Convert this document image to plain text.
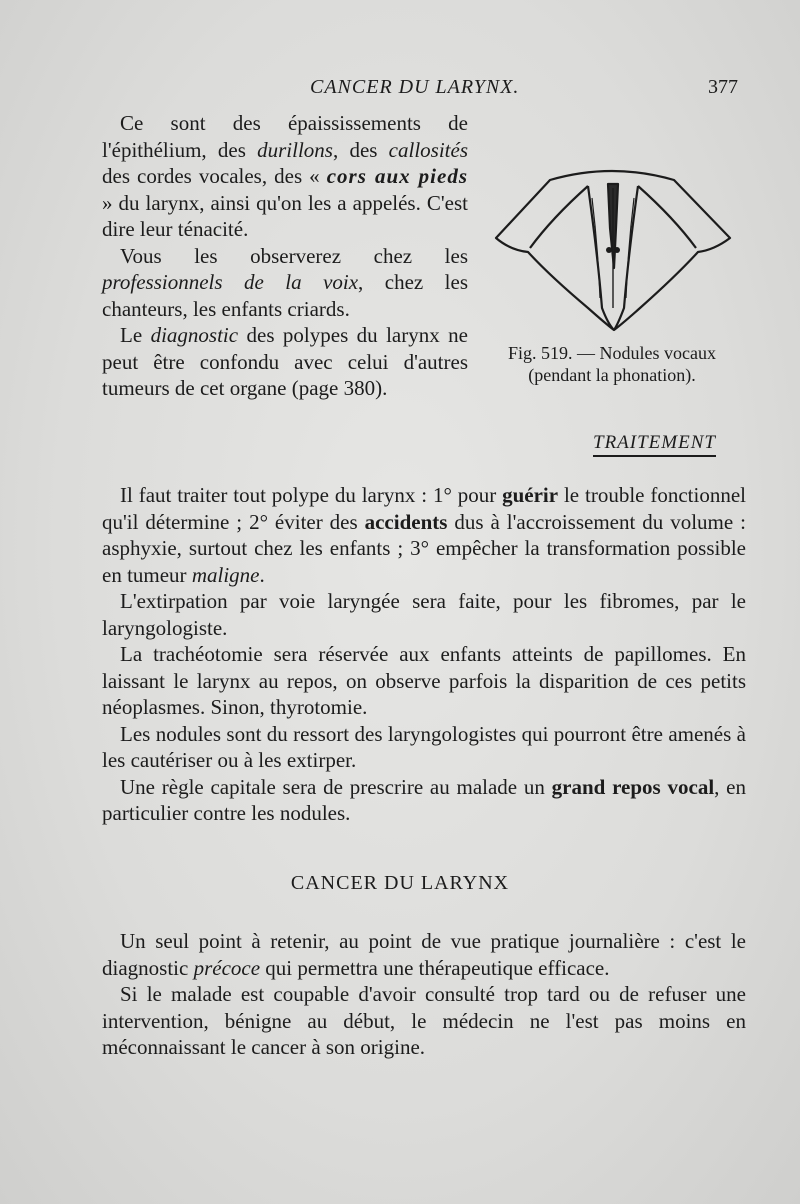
CANCER DU LARYNX.	377
Fig. 519. — Nodules vocaux
(pendant la phonation).

Ce sont des épaississements de l'épithélium, des durillons, des callosités des cordes vocales, des « cors aux pieds » du larynx, ainsi qu'on les a appelés. C'est dire leur ténacité.

Vous les observerez chez les professionnels de la voix, chez les chanteurs, les enfants criards.

Le diagnostic des polypes du larynx ne peut être confondu avec celui d'autres tumeurs de cet organe (page 380).

TRAITEMENT

Il faut traiter tout polype du larynx : 1° pour guérir le trouble fonctionnel qu'il détermine ; 2° éviter des accidents dus à l'accroissement du volume : asphyxie, surtout chez les enfants ; 3° empêcher la transformation possible en tumeur maligne.

L'extirpation par voie laryngée sera faite, pour les fibromes, par le laryngologiste.

La trachéotomie sera réservée aux enfants atteints de papillomes. En laissant le larynx au repos, on observe parfois la disparition de ces petits néoplasmes. Sinon, thyrotomie.

Les nodules sont du ressort des laryngologistes qui pourront être amenés à les cautériser ou à les extirper.

Une règle capitale sera de prescrire au malade un grand repos vocal, en particulier contre les nodules.

CANCER DU LARYNX

Un seul point à retenir, au point de vue pratique journalière : c'est le diagnostic précoce qui permettra une thérapeutique efficace.

Si le malade est coupable d'avoir consulté trop tard ou de refuser une intervention, bénigne au début, le médecin ne l'est pas moins en méconnaissant le cancer à son origine.
